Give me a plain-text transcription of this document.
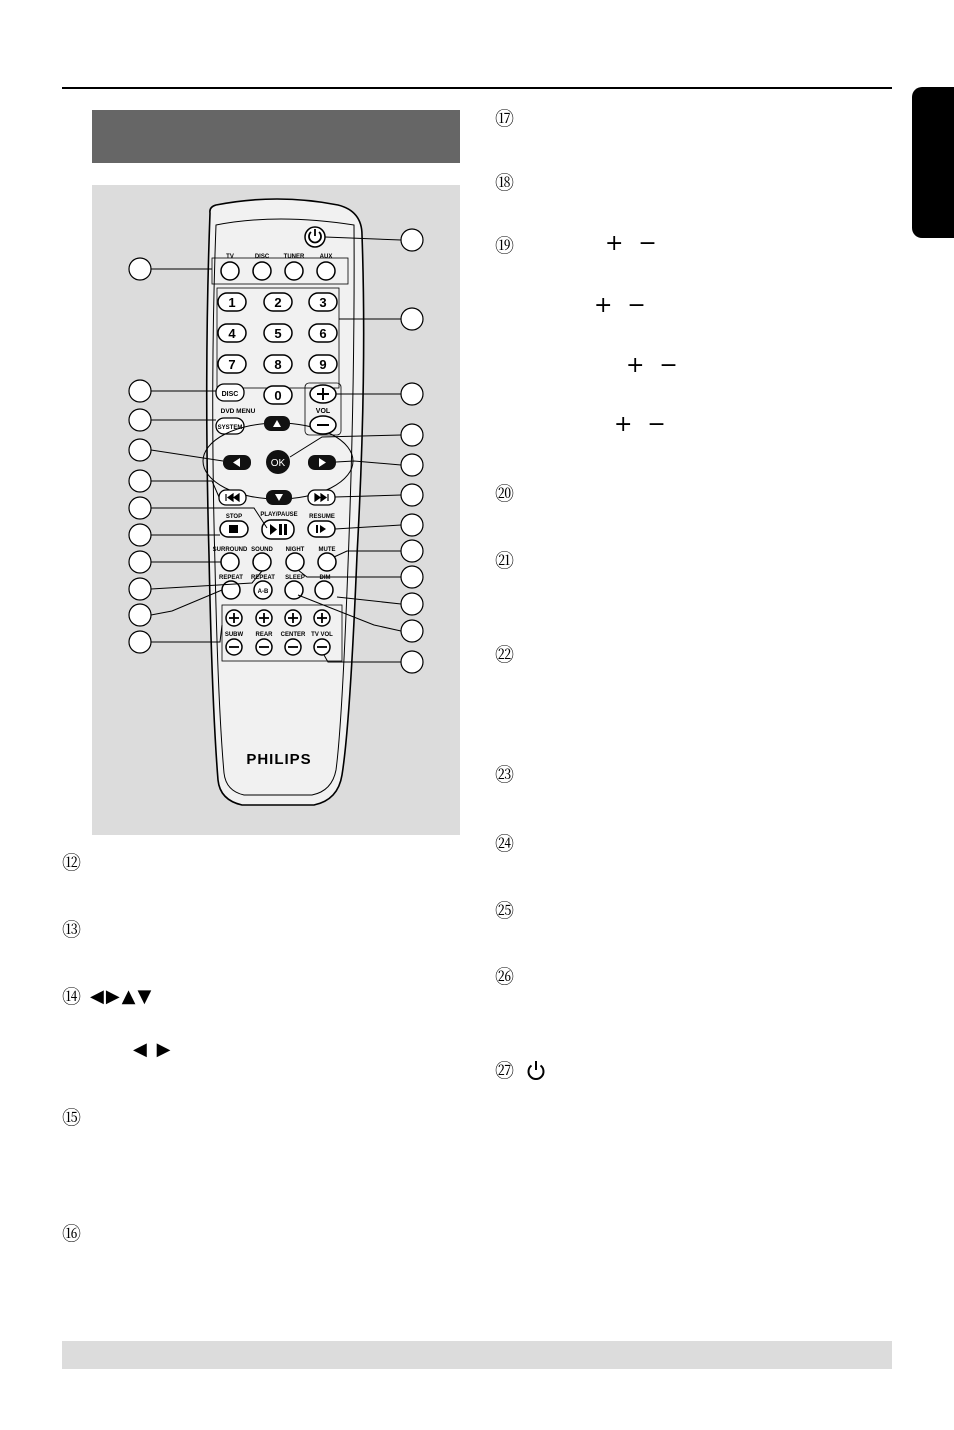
TV	DISC TUNER	AUX
1	2	3
4	5	6
7	8	9
0
DISC
DVD MENU
SYSTEM
OK
VOL
PLAY/PAUSE
STOP	RESUME
SURROUND SOUND NIGHT MUTE
REPEAT REPEAT
A-B
SLEEP DIM
SUBW REAR CENTER TV VOL
PHILIPS
⑫
⑬
⑭ ◀▶▲▼
◀ ▶
⑮
⑯
⑰
⑱
⑲	+ −
+ −
+ −
+ −
⑳
㉑
㉒
㉓
㉔
㉕
㉖
㉗
